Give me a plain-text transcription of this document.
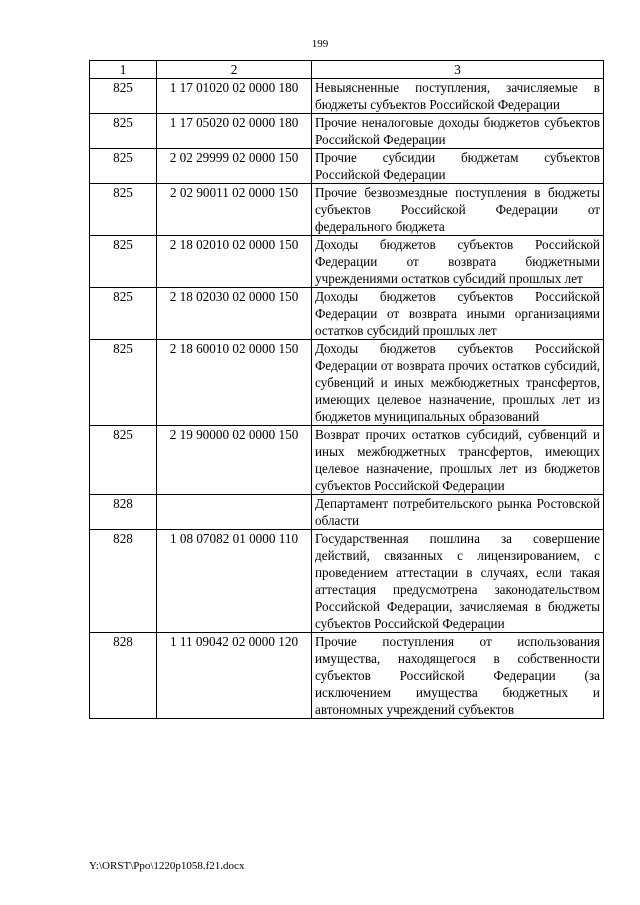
199
1	2	3
825	1 17 01020 02 0000 180	Невыясненные поступления, зачисляемые в бюджеты субъектов Российской Федерации
825	1 17 05020 02 0000 180	Прочие неналоговые доходы бюджетов субъектов Российской Федерации
825	2 02 29999 02 0000 150	Прочие субсидии бюджетам субъектов Российской Федерации
825	2 02 90011 02 0000 150	Прочие безвозмездные поступления в бюджеты субъектов Российской Федерации от федерального бюджета
825	2 18 02010 02 0000 150	Доходы бюджетов субъектов Российской Федерации от возврата бюджетными учреждениями остатков субсидий прошлых лет
825	2 18 02030 02 0000 150	Доходы бюджетов субъектов Российской Федерации от возврата иными организациями остатков субсидий прошлых лет
825	2 18 60010 02 0000 150	Доходы бюджетов субъектов Российской Федерации от возврата прочих остатков субсидий, субвенций и иных межбюджетных трансфертов, имеющих целевое назначение, прошлых лет из бюджетов муниципальных образований
825	2 19 90000 02 0000 150	Возврат прочих остатков субсидий, субвенций и иных межбюджетных трансфертов, имеющих целевое назначение, прошлых лет из бюджетов субъектов Российской Федерации
828		Департамент потребительского рынка Ростовской области
828	1 08 07082 01 0000 110	Государственная пошлина за совершение действий, связанных с лицензированием, с проведением аттестации в случаях, если такая аттестация предусмотрена законодательством Российской Федерации, зачисляемая в бюджеты субъектов Российской Федерации
828	1 11 09042 02 0000 120	Прочие поступления от использования имущества, находящегося в собственности субъектов Российской Федерации (за исключением имущества бюджетных и автономных учреждений субъектов
Y:\ORST\Ppo\1220p1058.f21.docx
